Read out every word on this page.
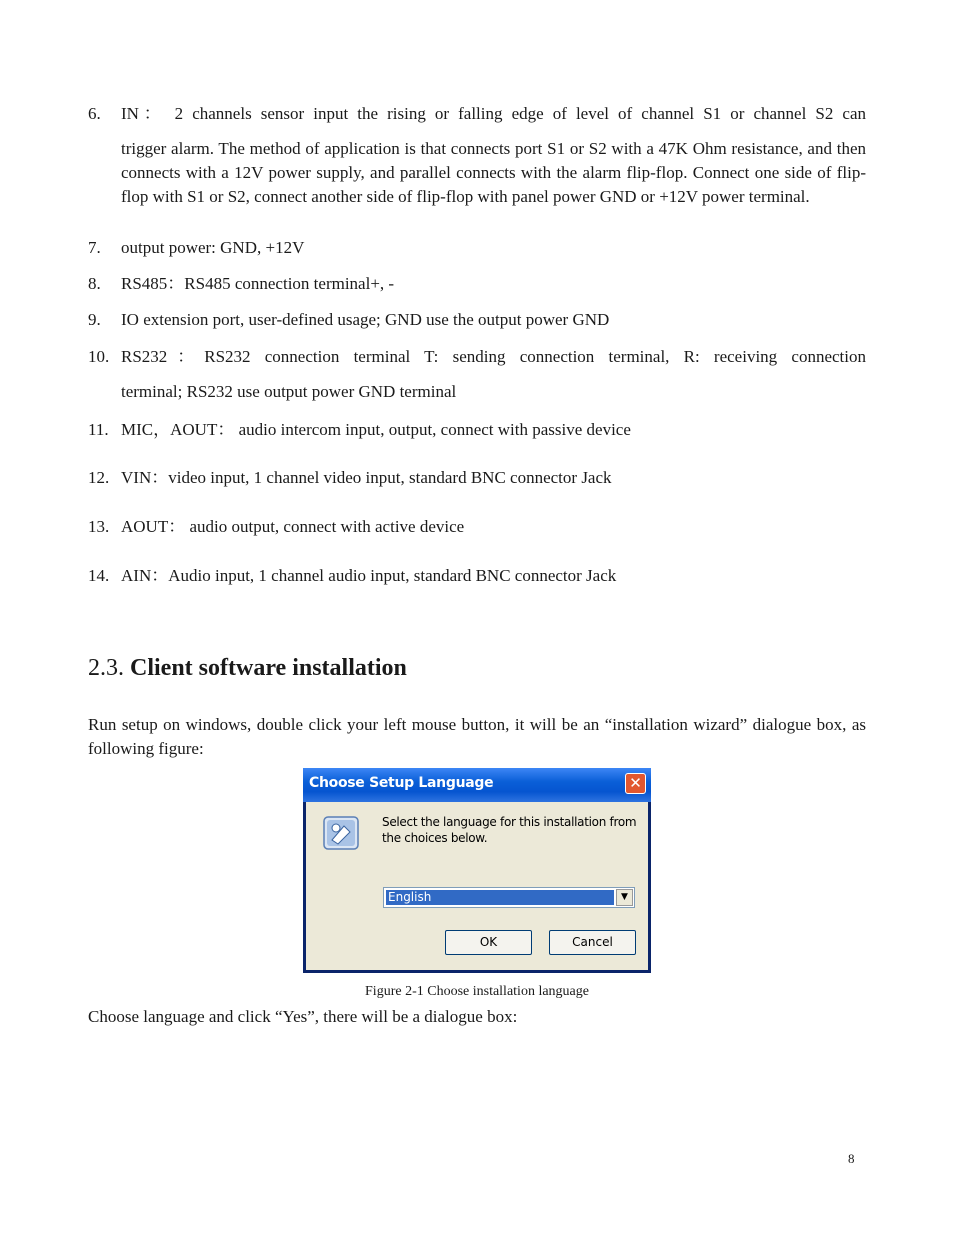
6. IN： 2 channels sensor input the rising or falling edge of level of channel S1 or channel S2 can
trigger alarm. The method of application is that connects port S1 or S2 with a 47K Ohm resistance, and then connects with a 12V power supply, and parallel connects with the alarm flip-flop. Connect one side of flip-flop with S1 or S2, connect another side of flip-flop with panel power GND or +12V power terminal.
7. output power: GND, +12V
8. RS485：RS485 connection terminal+, -
9. IO extension port, user-defined usage; GND use the output power GND
10. RS232：RS232 connection terminal T: sending connection terminal, R: receiving connection
terminal; RS232 use output power GND terminal
11. MIC，AOUT： audio intercom input, output, connect with passive device
12. VIN：video input, 1 channel video input, standard BNC connector Jack
13. AOUT： audio output, connect with active device
14. AIN：Audio input, 1 channel audio input, standard BNC connector Jack
2.3. Client software installation
Run setup on windows, double click your left mouse button, it will be an “installation wizard” dialogue box, as following figure:
Choose Setup Language	✕
Select the language for this installation from the choices below.
English	▼
OK	Cancel
Figure 2-1 Choose installation language
Choose language and click “Yes”, there will be a dialogue box:
8
